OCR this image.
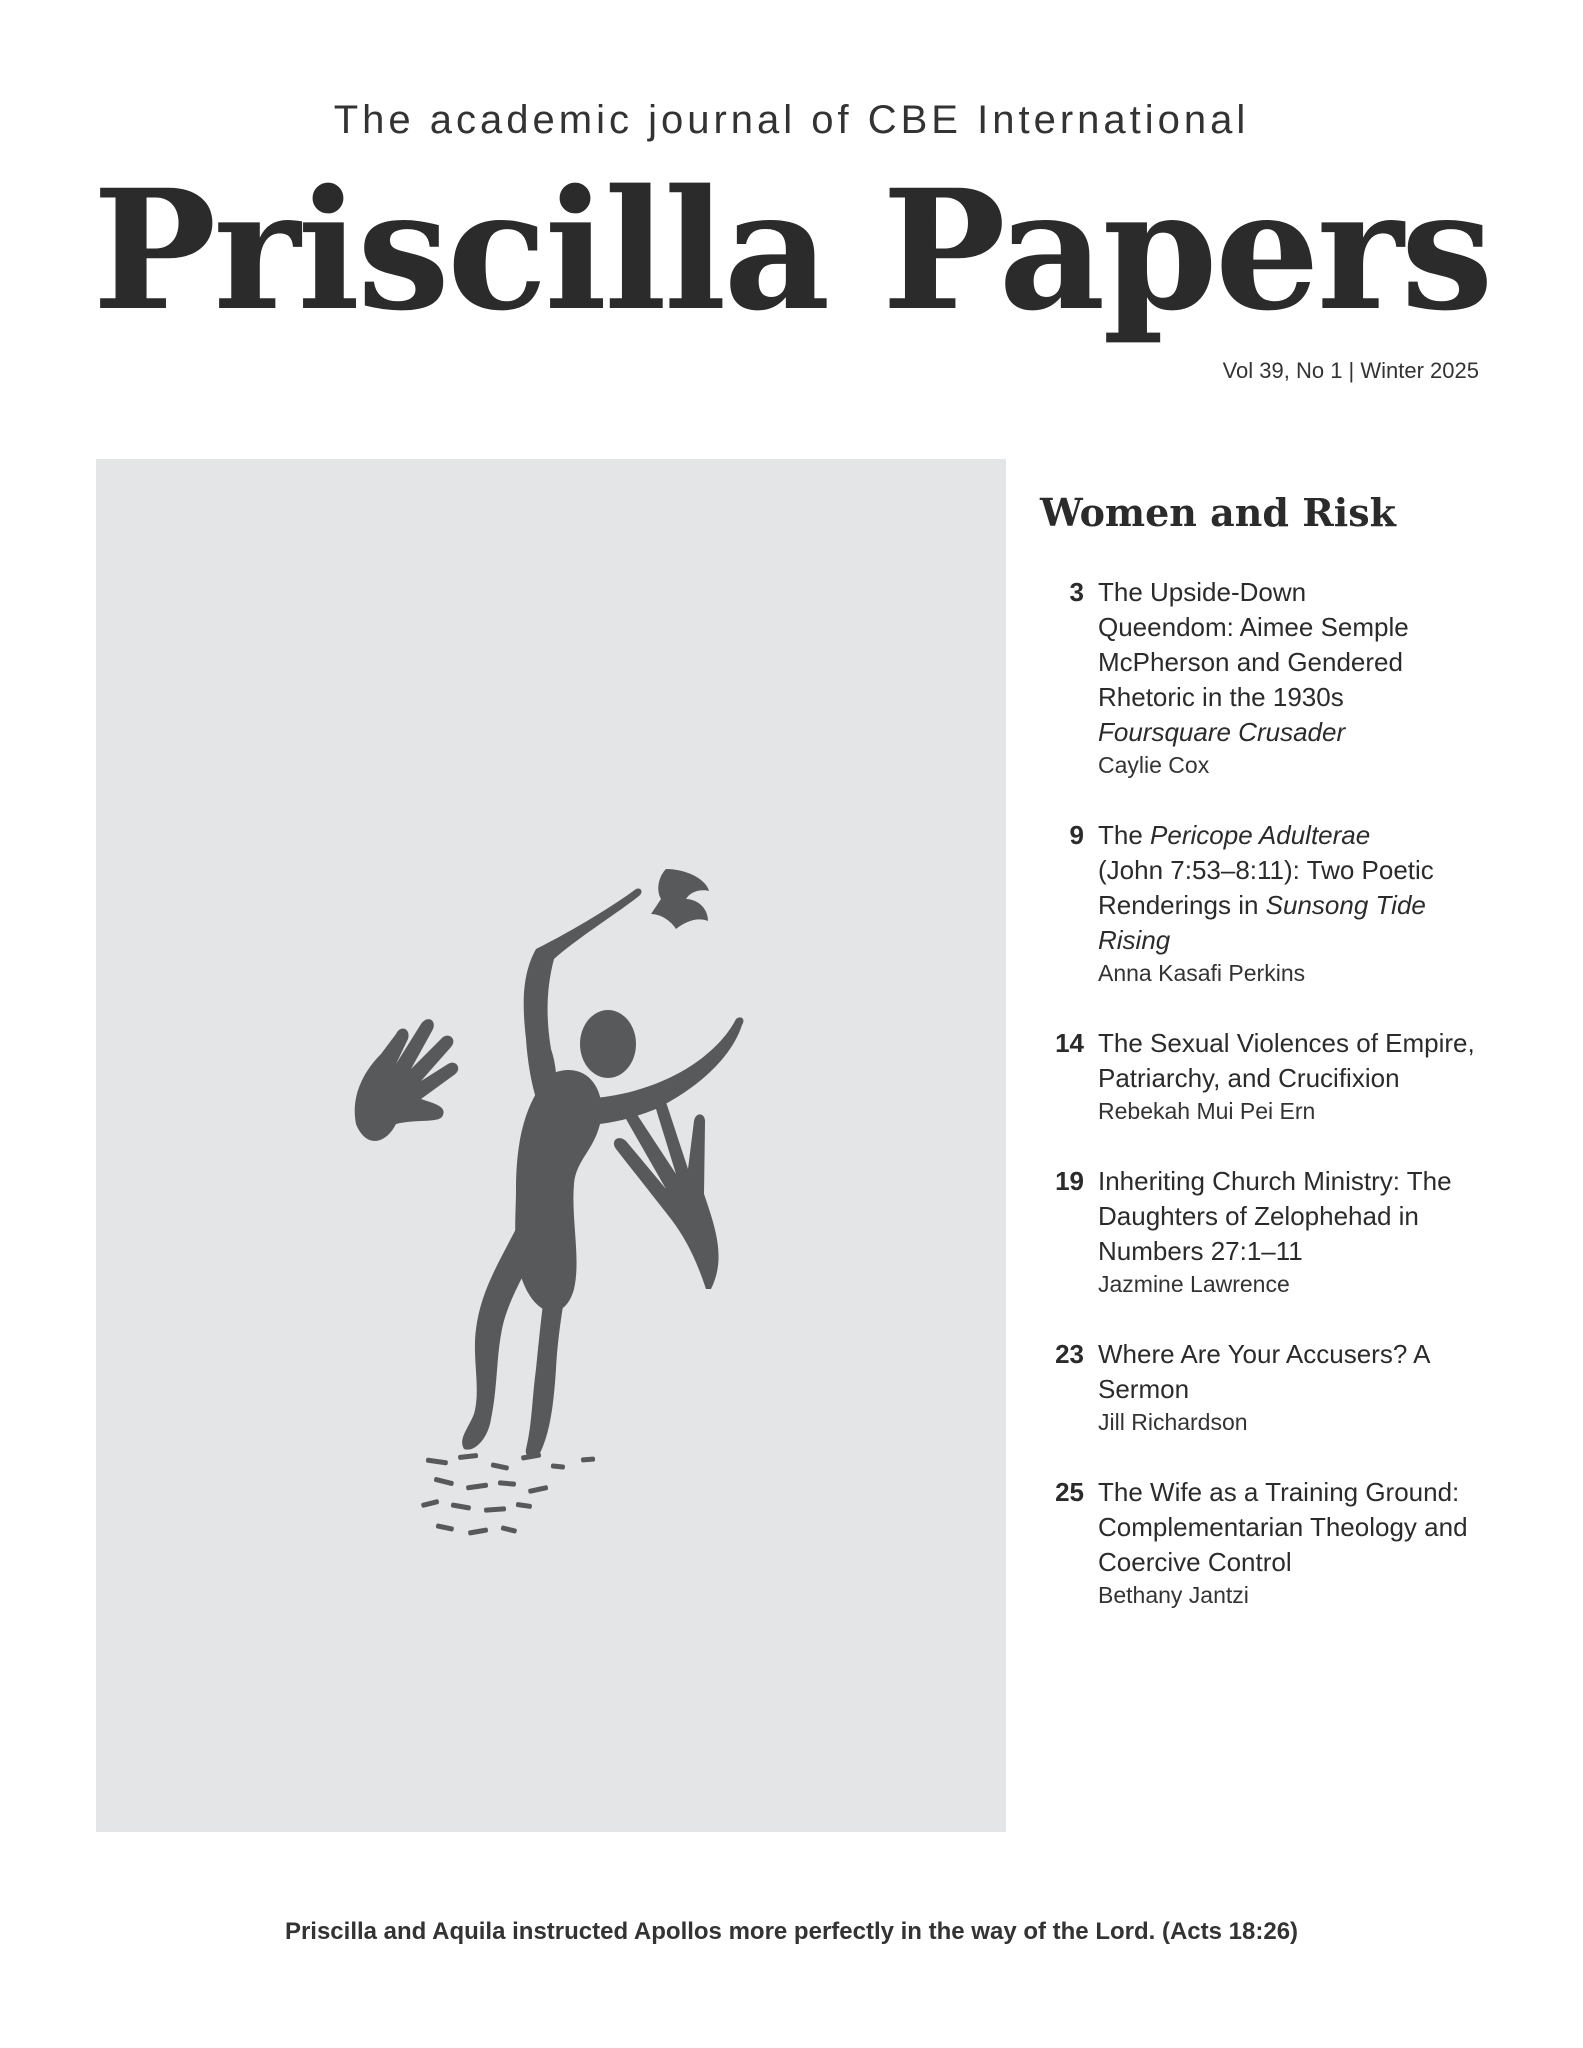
The academic journal of CBE International
Priscilla Papers
Vol 39, No 1 | Winter 2025
Women and Risk
3 The Upside-Down
Queendom: Aimee Semple
McPherson and Gendered
Rhetoric in the 1930s
Foursquare Crusader
Caylie Cox
9 The Pericope Adulterae
(John 7:53–8:11): Two Poetic Renderings in Sunsong Tide Rising
Anna Kasafi Perkins
14 The Sexual Violences of Empire, Patriarchy, and Crucifixion
Rebekah Mui Pei Ern
19 Inheriting Church Ministry: The Daughters of Zelophehad in Numbers 27:1–11
Jazmine Lawrence
23 Where Are Your Accusers? A Sermon
Jill Richardson
25 The Wife as a Training Ground: Complementarian Theology and Coercive Control
Bethany Jantzi
Priscilla and Aquila instructed Apollos more perfectly in the way of the Lord. (Acts 18:26)
